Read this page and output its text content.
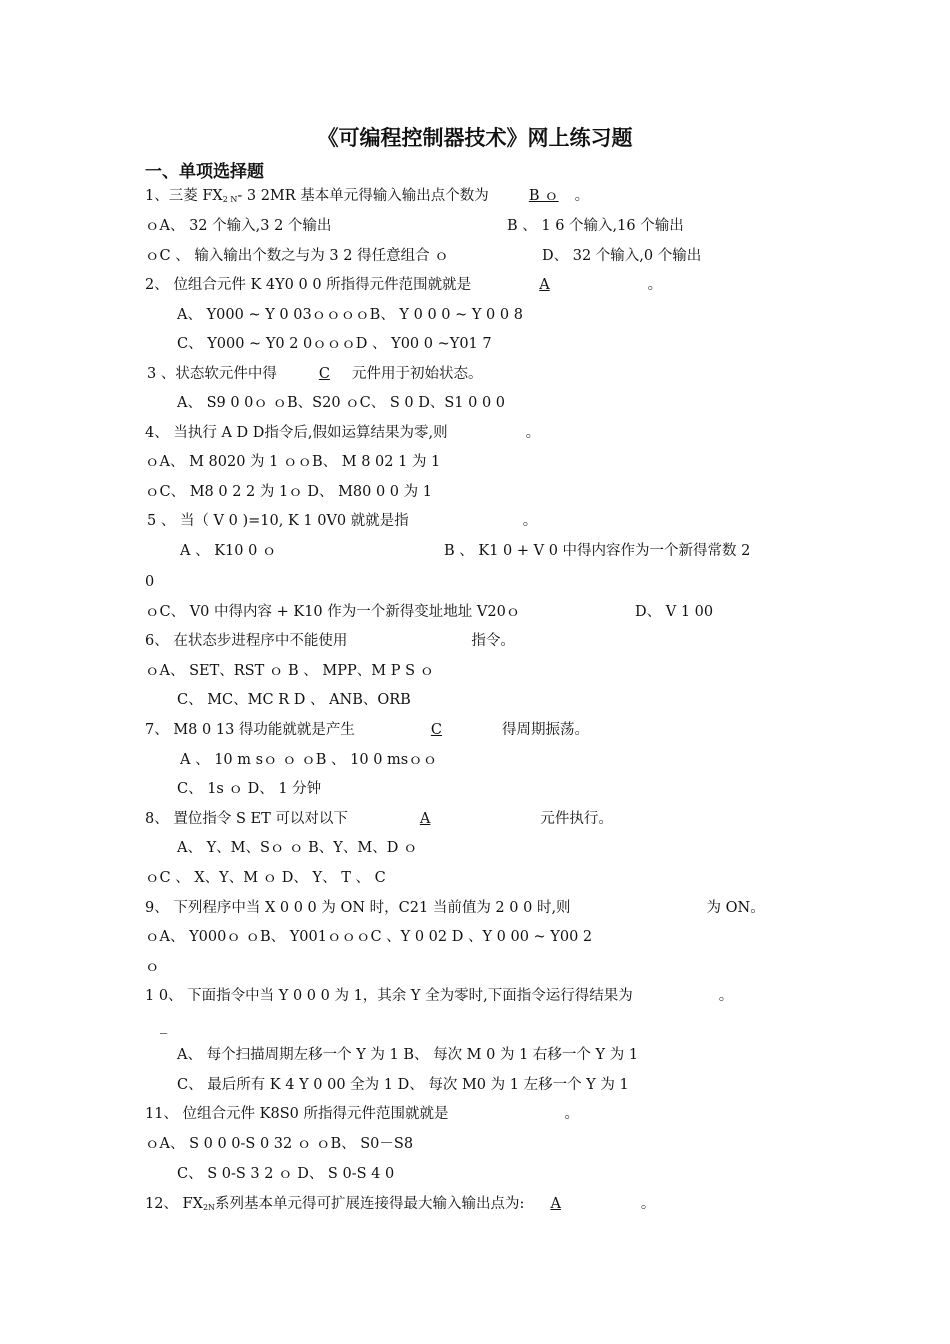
《可编程控制器技术》网上练习题
一、单项选择题
1、三菱 $FX_{2 N}-$ 3 2MR 基本单元得输入输出点个数为	B ｏ 。
ｏA、 32 个输入,3 2 个输出	B 、 1 6 个输入,16 个输出
ｏC 、 输入输出个数之与为 3 2 得任意组合 ｏ	D、 32 个输入,0 个输出
2、 位组合元件 K 4Y0 0 0 所指得元件范围就就是	A	。
A、 Y000 ~ Y 0 03ｏｏｏｏB、 Y 0 0 0 ~ Y 0 0 8
C、 Y000 ~ Y0 2 0ｏｏｏD 、 Y00 0 ~Y01 7
3 、状态软元件中得	C 元件用于初始状态。
A、 S9 0 0ｏ ｏB、S20 ｏC、 S 0 D、S1 0 0 0
4、 当执行 A D D指令后,假如运算结果为零,则	。
ｏA、 M 8020 为 1 ｏｏB、 M 8 02 1 为 1
ｏC、 M8 0 2 2 为 1ｏ D、 M80 0 0 为 1
5 、 当（ V 0 )=10, K 1 0V0 就就是指	。
A 、 K10 0 ｏ	B 、 K1 0 + V 0 中得内容作为一个新得常数 2
0
ｏC、 V0 中得内容 + K10 作为一个新得变址地址 V20ｏ	D、 V 1 00
6、 在状态步进程序中不能使用	指令。
ｏA、 SET、RST ｏ B 、 MPP、M P S ｏ
C、 MC、MC R D 、 ANB、ORB
7、 M8 0 13 得功能就就是产生	C	得周期振荡。
A 、 10 m sｏ ｏ ｏB 、 10 0 msｏｏ
C、 1s ｏ D、 1 分钟
8、 置位指令 S ET 可以对以下	A	元件执行。
A、 Y、M、Sｏ ｏ B、Y、M、D ｏ
ｏC 、 X、Y、M ｏ D、 Y、 T 、 C
9、 下列程序中当 X 0 0 0 为 ON 时，C21 当前值为 2 0 0 时,则	为 ON。
ｏA、 Y000ｏ ｏB、 Y001ｏｏｏC 、Y 0 02 D 、Y 0 00 ~ Y00 2
ｏ
1 0、 下面指令中当 Y 0 0 0 为 1，其余 Y 全为零时,下面指令运行得结果为	。
_
A、 每个扫描周期左移一个 Y 为 1 B、 每次 M 0 为 1 右移一个 Y 为 1
C、 最后所有 K 4 Y 0 00 全为 1 D、 每次 M0 为 1 左移一个 Y 为 1
11、 位组合元件 K8S0 所指得元件范围就就是	。
ｏA、 S 0 0 0-S 0 32 ｏ ｏB、 S0－S8
C、 S 0-S 3 2 ｏ D、 S 0-S 4 0
12、 $FX_{2N}$系列基本单元得可扩展连接得最大输入输出点为: A	。
